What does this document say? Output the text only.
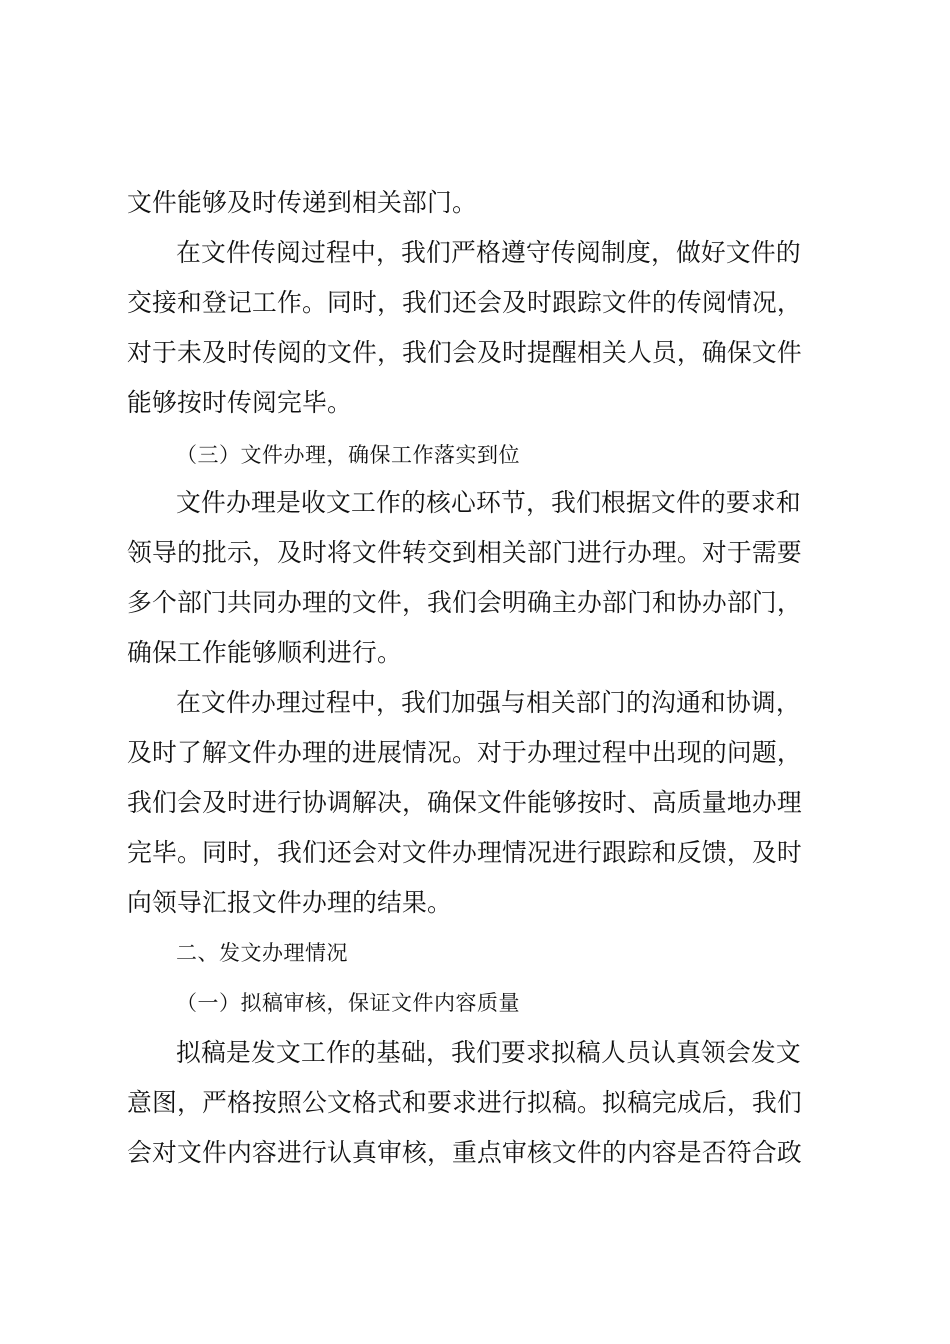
文件能够及时传递到相关部门。
在文件传阅过程中，我们严格遵守传阅制度，做好文件的
交接和登记工作。同时，我们还会及时跟踪文件的传阅情况，
对于未及时传阅的文件，我们会及时提醒相关人员，确保文件
能够按时传阅完毕。
（三）文件办理，确保工作落实到位
文件办理是收文工作的核心环节，我们根据文件的要求和
领导的批示，及时将文件转交到相关部门进行办理。对于需要
多个部门共同办理的文件，我们会明确主办部门和协办部门，
确保工作能够顺利进行。
在文件办理过程中，我们加强与相关部门的沟通和协调，
及时了解文件办理的进展情况。对于办理过程中出现的问题，
我们会及时进行协调解决，确保文件能够按时、高质量地办理
完毕。同时，我们还会对文件办理情况进行跟踪和反馈，及时
向领导汇报文件办理的结果。
二、发文办理情况
（一）拟稿审核，保证文件内容质量
拟稿是发文工作的基础，我们要求拟稿人员认真领会发文
意图，严格按照公文格式和要求进行拟稿。拟稿完成后，我们
会对文件内容进行认真审核，重点审核文件的内容是否符合政
